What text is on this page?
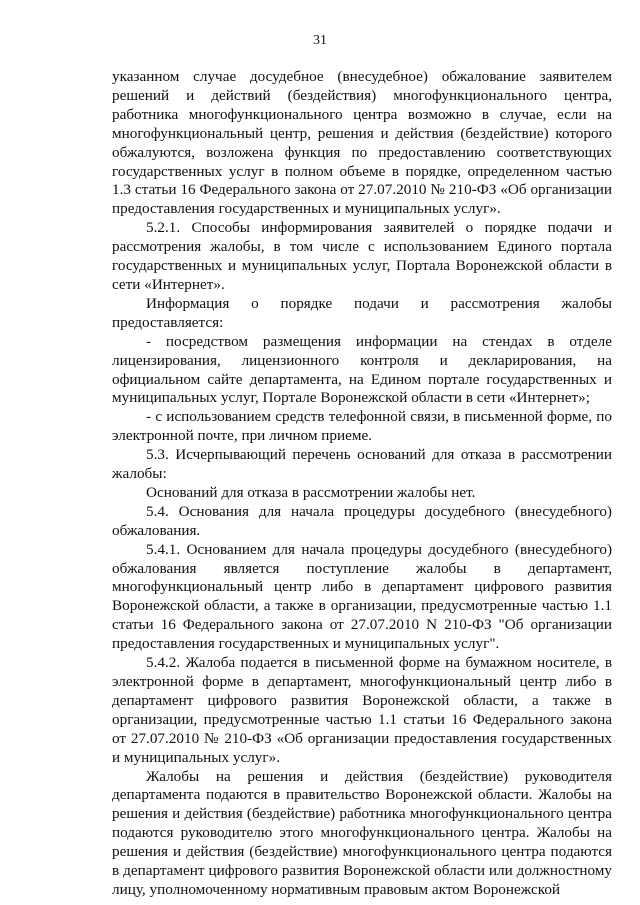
31

указанном случае досудебное (внесудебное) обжалование заявителем решений и действий (бездействия) многофункционального центра, работника многофункционального центра возможно в случае, если на многофункциональный центр, решения и действия (бездействие) которого обжалуются, возложена функция по предоставлению соответствующих государственных услуг в полном объеме в порядке, определенном частью 1.3 статьи 16 Федерального закона от 27.07.2010 № 210-ФЗ «Об организации предоставления государственных и муниципальных услуг».

5.2.1. Способы информирования заявителей о порядке подачи и рассмотрения жалобы, в том числе с использованием Единого портала государственных и муниципальных услуг, Портала Воронежской области в сети «Интернет».

Информация о порядке подачи и рассмотрения жалобы предоставляется:

- посредством размещения информации на стендах в отделе лицензирования, лицензионного контроля и декларирования, на официальном сайте департамента, на Едином портале государственных и муниципальных услуг, Портале Воронежской области в сети «Интернет»;

- с использованием средств телефонной связи, в письменной форме, по электронной почте, при личном приеме.

5.3. Исчерпывающий перечень оснований для отказа в рассмотрении жалобы:

Оснований для отказа в рассмотрении жалобы нет.

5.4. Основания для начала процедуры досудебного (внесудебного) обжалования.

5.4.1. Основанием для начала процедуры досудебного (внесудебного) обжалования является поступление жалобы в департамент, многофункциональный центр либо в департамент цифрового развития Воронежской области, а также в организации, предусмотренные частью 1.1 статьи 16 Федерального закона от 27.07.2010 N 210-ФЗ "Об организации предоставления государственных и муниципальных услуг".

5.4.2. Жалоба подается в письменной форме на бумажном носителе, в электронной форме в департамент, многофункциональный центр либо в департамент цифрового развития Воронежской области, а также в организации, предусмотренные частью 1.1 статьи 16 Федерального закона от 27.07.2010 № 210-ФЗ «Об организации предоставления государственных и муниципальных услуг».

Жалобы на решения и действия (бездействие) руководителя департамента подаются в правительство Воронежской области. Жалобы на решения и действия (бездействие) работника многофункционального центра подаются руководителю этого многофункционального центра. Жалобы на решения и действия (бездействие) многофункционального центра подаются в департамент цифрового развития Воронежской области или должностному лицу, уполномоченному нормативным правовым актом Воронежской
